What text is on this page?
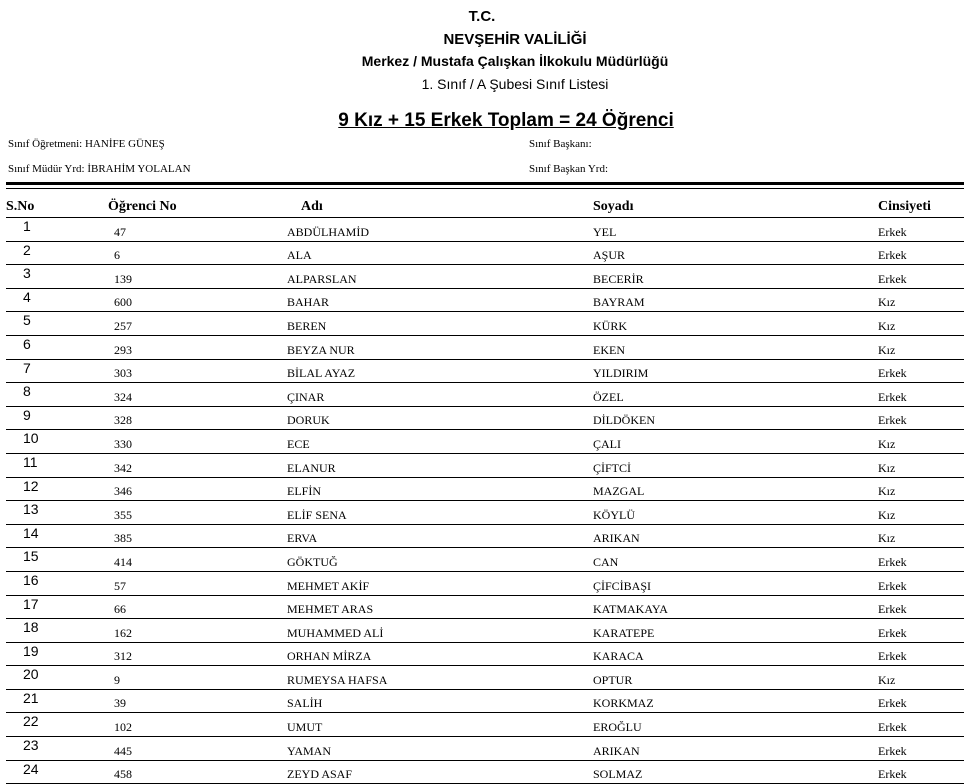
T.C.
NEVŞEHİR VALİLİĞİ
Merkez / Mustafa Çalışkan İlkokulu Müdürlüğü
1. Sınıf / A Şubesi Sınıf Listesi
9 Kız + 15 Erkek Toplam = 24 Öğrenci
Sınıf Öğretmeni: HANİFE GÜNEŞ
Sınıf Müdür Yrd: İBRAHİM YOLALAN
Sınıf Başkanı:
Sınıf Başkan Yrd:
S.No	Öğrenci No	Adı	Soyadı	Cinsiyeti
1	47	ABDÜLHAMİD	YEL	Erkek
2	6	ALA	AŞUR	Erkek
3	139	ALPARSLAN	BECERİR	Erkek
4	600	BAHAR	BAYRAM	Kız
5	257	BEREN	KÜRK	Kız
6	293	BEYZA NUR	EKEN	Kız
7	303	BİLAL AYAZ	YILDIRIM	Erkek
8	324	ÇINAR	ÖZEL	Erkek
9	328	DORUK	DİLDÖKEN	Erkek
10	330	ECE	ÇALI	Kız
11	342	ELANUR	ÇİFTCİ	Kız
12	346	ELFİN	MAZGAL	Kız
13	355	ELİF SENA	KÖYLÜ	Kız
14	385	ERVA	ARIKAN	Kız
15	414	GÖKTUĞ	CAN	Erkek
16	57	MEHMET AKİF	ÇİFCİBAŞI	Erkek
17	66	MEHMET ARAS	KATMAKAYA	Erkek
18	162	MUHAMMED ALİ	KARATEPE	Erkek
19	312	ORHAN MİRZA	KARACA	Erkek
20	9	RUMEYSA HAFSA	OPTUR	Kız
21	39	SALİH	KORKMAZ	Erkek
22	102	UMUT	EROĞLU	Erkek
23	445	YAMAN	ARIKAN	Erkek
24	458	ZEYD ASAF	SOLMAZ	Erkek
